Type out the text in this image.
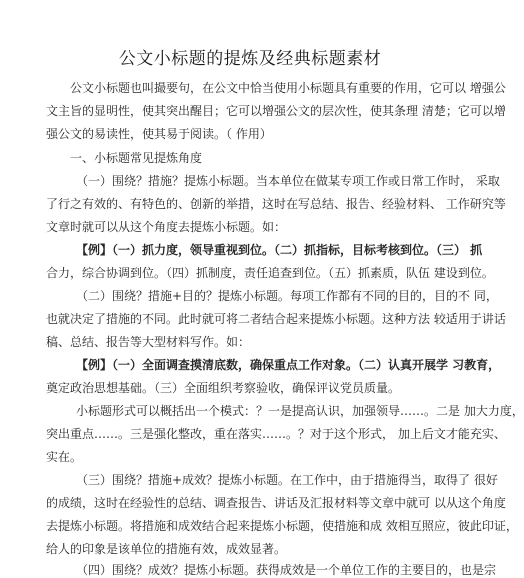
公文小标题的提炼及经典标题素材
公文小标题也叫撮要句，在公文中恰当使用小标题具有重要的作用，它可以 增强公
文主旨的显明性，使其突出醒目；它可以增强公文的层次性，使其条理 清楚；它可以增
强公文的易读性，使其易于阅读。（ 作用）
一、小标题常见提炼角度
（一）围绕？措施？提炼小标题。当本单位在做某专项工作或日常工作时， 采取
了行之有效的、有特色的、创新的举措，这时在写总结、报告、经验材料、 工作研究等
文章时就可以从这个角度去提炼小标题。如：
【例】（一）抓力度，领导重视到位。（二）抓指标，目标考核到位。（三） 抓
合力，综合协调到位。（四）抓制度，责任追查到位。（五）抓素质，队伍 建设到位。
（二）围绕？措施+目的？提炼小标题。每项工作都有不同的目的，目的不 同，
也就决定了措施的不同。此时就可将二者结合起来提炼小标题。这种方法 较适用于讲话
稿、总结、报告等大型材料写作。如：
【例】（一）全面调查摸清底数，确保重点工作对象。（二）认真开展学 习教育，
奠定政治思想基础。（三）全面组织考察验收，确保评议党员质量。
小标题形式可以概括出一个模式：？一是提高认识，加强领导……。二是 加大力度，
突出重点……。三是强化整改，重在落实……。？对于这个形式， 加上后文才能充实、
实在。
（三）围绕？措施+成效？提炼小标题。在工作中，由于措施得当，取得了 很好
的成绩，这时在经验性的总结、调查报告、讲话及汇报材料等文章中就可 以从这个角度
去提炼小标题。将措施和成效结合起来提炼小标题，使措施和成 效相互照应，彼此印证，
给人的印象是该单位的措施有效，成效显著。
（四）围绕？成效？提炼小标题。获得成效是一个单位工作的主要目的，也是宗
